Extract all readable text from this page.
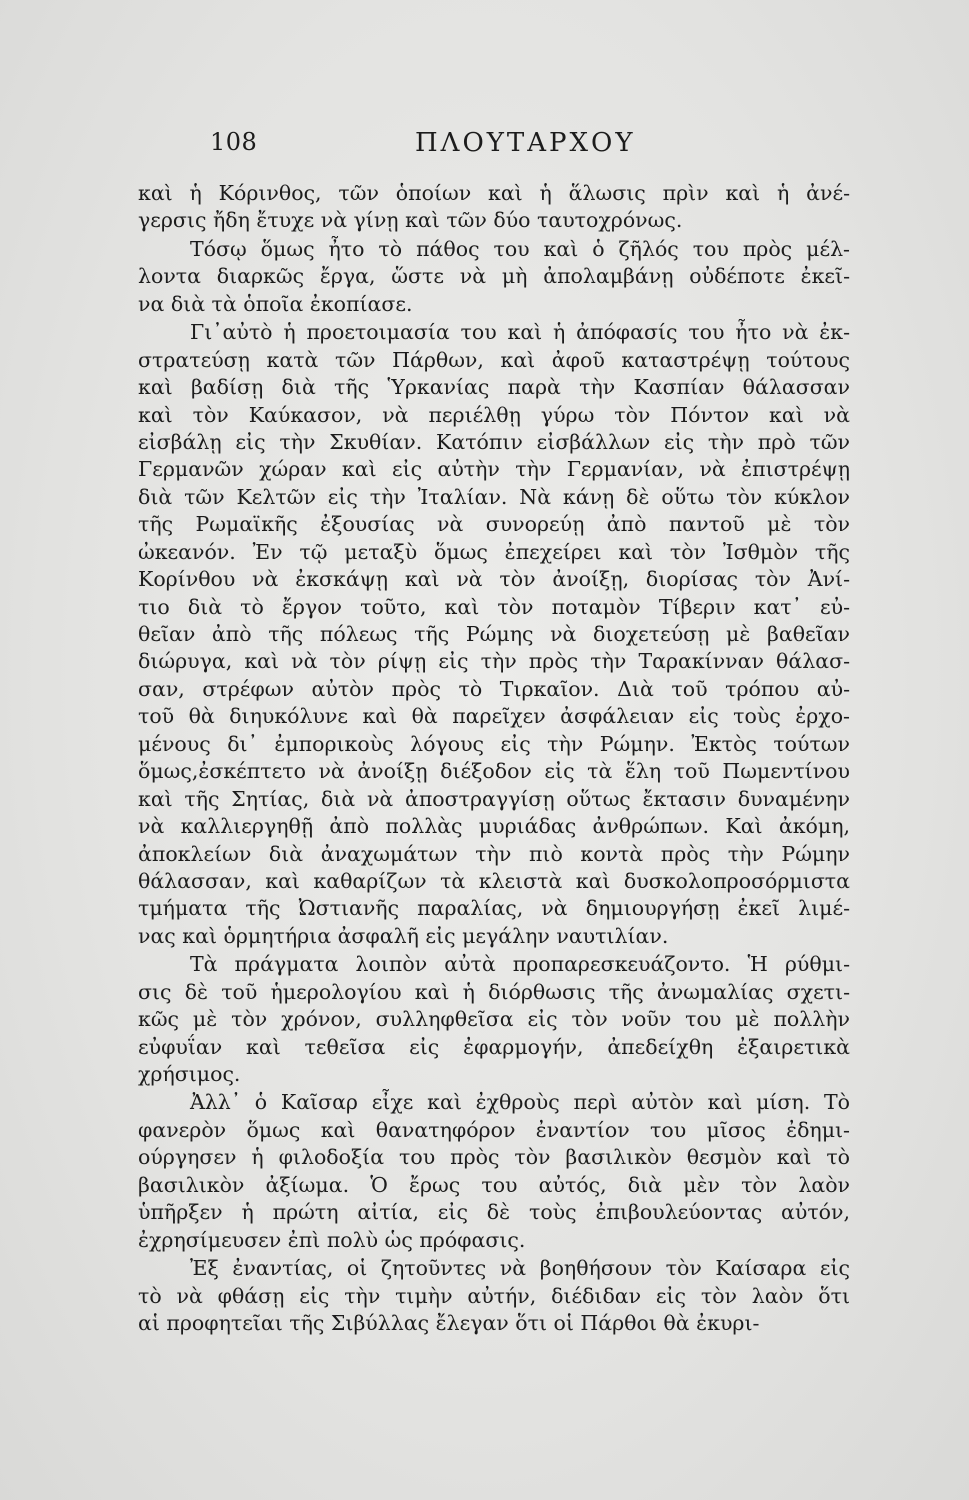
108	ΠΛΟΥΤΑΡΧΟΥ
καὶ ἡ Κόρινθος, τῶν ὁποίων καὶ ἡ ἅλωσις πρὶν καὶ ἡ ἀνέ-
γερσις ἤδη ἔτυχε νὰ γίνῃ καὶ τῶν δύο ταυτοχρόνως.
Τόσῳ ὅμως ἦτο τὸ πάθος του καὶ ὁ ζῆλός του πρὸς μέλ-
λοντα διαρκῶς ἔργα, ὥστε νὰ μὴ ἀπολαμβάνῃ οὐδέποτε ἐκεῖ-
να διὰ τὰ ὁποῖα ἐκοπίασε.
Γι᾿αὐτὸ ἡ προετοιμασία του καὶ ἡ ἀπόφασίς του ἦτο νὰ ἐκ-
στρατεύσῃ κατὰ τῶν Πάρθων, καὶ ἀφοῦ καταστρέψῃ τούτους
καὶ βαδίσῃ διὰ τῆς Ὑρκανίας παρὰ τὴν Κασπίαν θάλασσαν
καὶ τὸν Καύκασον, νὰ περιέλθῃ γύρω τὸν Πόντον καὶ νὰ
εἰσβάλῃ εἰς τὴν Σκυθίαν. Κατόπιν εἰσβάλλων εἰς τὴν πρὸ τῶν
Γερμανῶν χώραν καὶ εἰς αὐτὴν τὴν Γερμανίαν, νὰ ἐπιστρέψῃ
διὰ τῶν Κελτῶν εἰς τὴν Ἰταλίαν. Νὰ κάνῃ δὲ οὕτω τὸν κύκλον
τῆς Ρωμαϊκῆς ἐξουσίας νὰ συνορεύῃ ἀπὸ παντοῦ μὲ τὸν
ὠκεανόν. Ἐν τῷ μεταξὺ ὅμως ἐπεχείρει καὶ τὸν Ἰσθμὸν τῆς
Κορίνθου νὰ ἐκσκάψῃ καὶ νὰ τὸν ἀνοίξῃ, διορίσας τὸν Ἀνί-
τιο διὰ τὸ ἔργον τοῦτο, καὶ τὸν ποταμὸν Τίβεριν κατ᾿ εὐ-
θεῖαν ἀπὸ τῆς πόλεως τῆς Ρώμης νὰ διοχετεύσῃ μὲ βαθεῖαν
διώρυγα, καὶ νὰ τὸν ρίψῃ εἰς τὴν πρὸς τὴν Ταρακίνναν θάλασ-
σαν, στρέφων αὐτὸν πρὸς τὸ Τιρκαῖον. Διὰ τοῦ τρόπου αὐ-
τοῦ θὰ διηυκόλυνε καὶ θὰ παρεῖχεν ἀσφάλειαν εἰς τοὺς ἐρχο-
μένους δι᾿ ἐμπορικοὺς λόγους εἰς τὴν Ρώμην. Ἐκτὸς τούτων
ὅμως,ἐσκέπτετο νὰ ἀνοίξῃ διέξοδον εἰς τὰ ἕλη τοῦ Πωμεντίνου
καὶ τῆς Σητίας, διὰ νὰ ἀποστραγγίσῃ οὕτως ἔκτασιν δυναμένην
νὰ καλλιεργηθῇ ἀπὸ πολλὰς μυριάδας ἀνθρώπων. Καὶ ἀκόμη,
ἀποκλείων διὰ ἀναχωμάτων τὴν πιὸ κοντὰ πρὸς τὴν Ρώμην
θάλασσαν, καὶ καθαρίζων τὰ κλειστὰ καὶ δυσκολοπροσόρμιστα
τμήματα τῆς Ὠστιανῆς παραλίας, νὰ δημιουργήσῃ ἐκεῖ λιμέ-
νας καὶ ὁρμητήρια ἀσφαλῆ εἰς μεγάλην ναυτιλίαν.
Τὰ πράγματα λοιπὸν αὐτὰ προπαρεσκευάζοντο. Ἡ ρύθμι-
σις δὲ τοῦ ἡμερολογίου καὶ ἡ διόρθωσις τῆς ἀνωμαλίας σχετι-
κῶς μὲ τὸν χρόνον, συλληφθεῖσα εἰς τὸν νοῦν του μὲ πολλὴν
εὐφυΐαν καὶ τεθεῖσα εἰς ἐφαρμογήν, ἀπεδείχθη ἐξαιρετικὰ
χρήσιμος.
Ἀλλ᾿ ὁ Καῖσαρ εἶχε καὶ ἐχθροὺς περὶ αὐτὸν καὶ μίση. Τὸ
φανερὸν ὅμως καὶ θανατηφόρον ἐναντίον του μῖσος ἐδημι-
ούργησεν ἡ φιλοδοξία του πρὸς τὸν βασιλικὸν θεσμὸν καὶ τὸ
βασιλικὸν ἀξίωμα. Ὁ ἔρως του αὐτός, διὰ μὲν τὸν λαὸν
ὑπῆρξεν ἡ πρώτη αἰτία, εἰς δὲ τοὺς ἐπιβουλεύοντας αὐτόν,
ἐχρησίμευσεν ἐπὶ πολὺ ὡς πρόφασις.
Ἐξ ἐναντίας, οἱ ζητοῦντες νὰ βοηθήσουν τὸν Καίσαρα εἰς
τὸ νὰ φθάσῃ εἰς τὴν τιμὴν αὐτήν, διέδιδαν εἰς τὸν λαὸν ὅτι
αἱ προφητεῖαι τῆς Σιβύλλας ἔλεγαν ὅτι οἱ Πάρθοι θὰ ἐκυρι-
